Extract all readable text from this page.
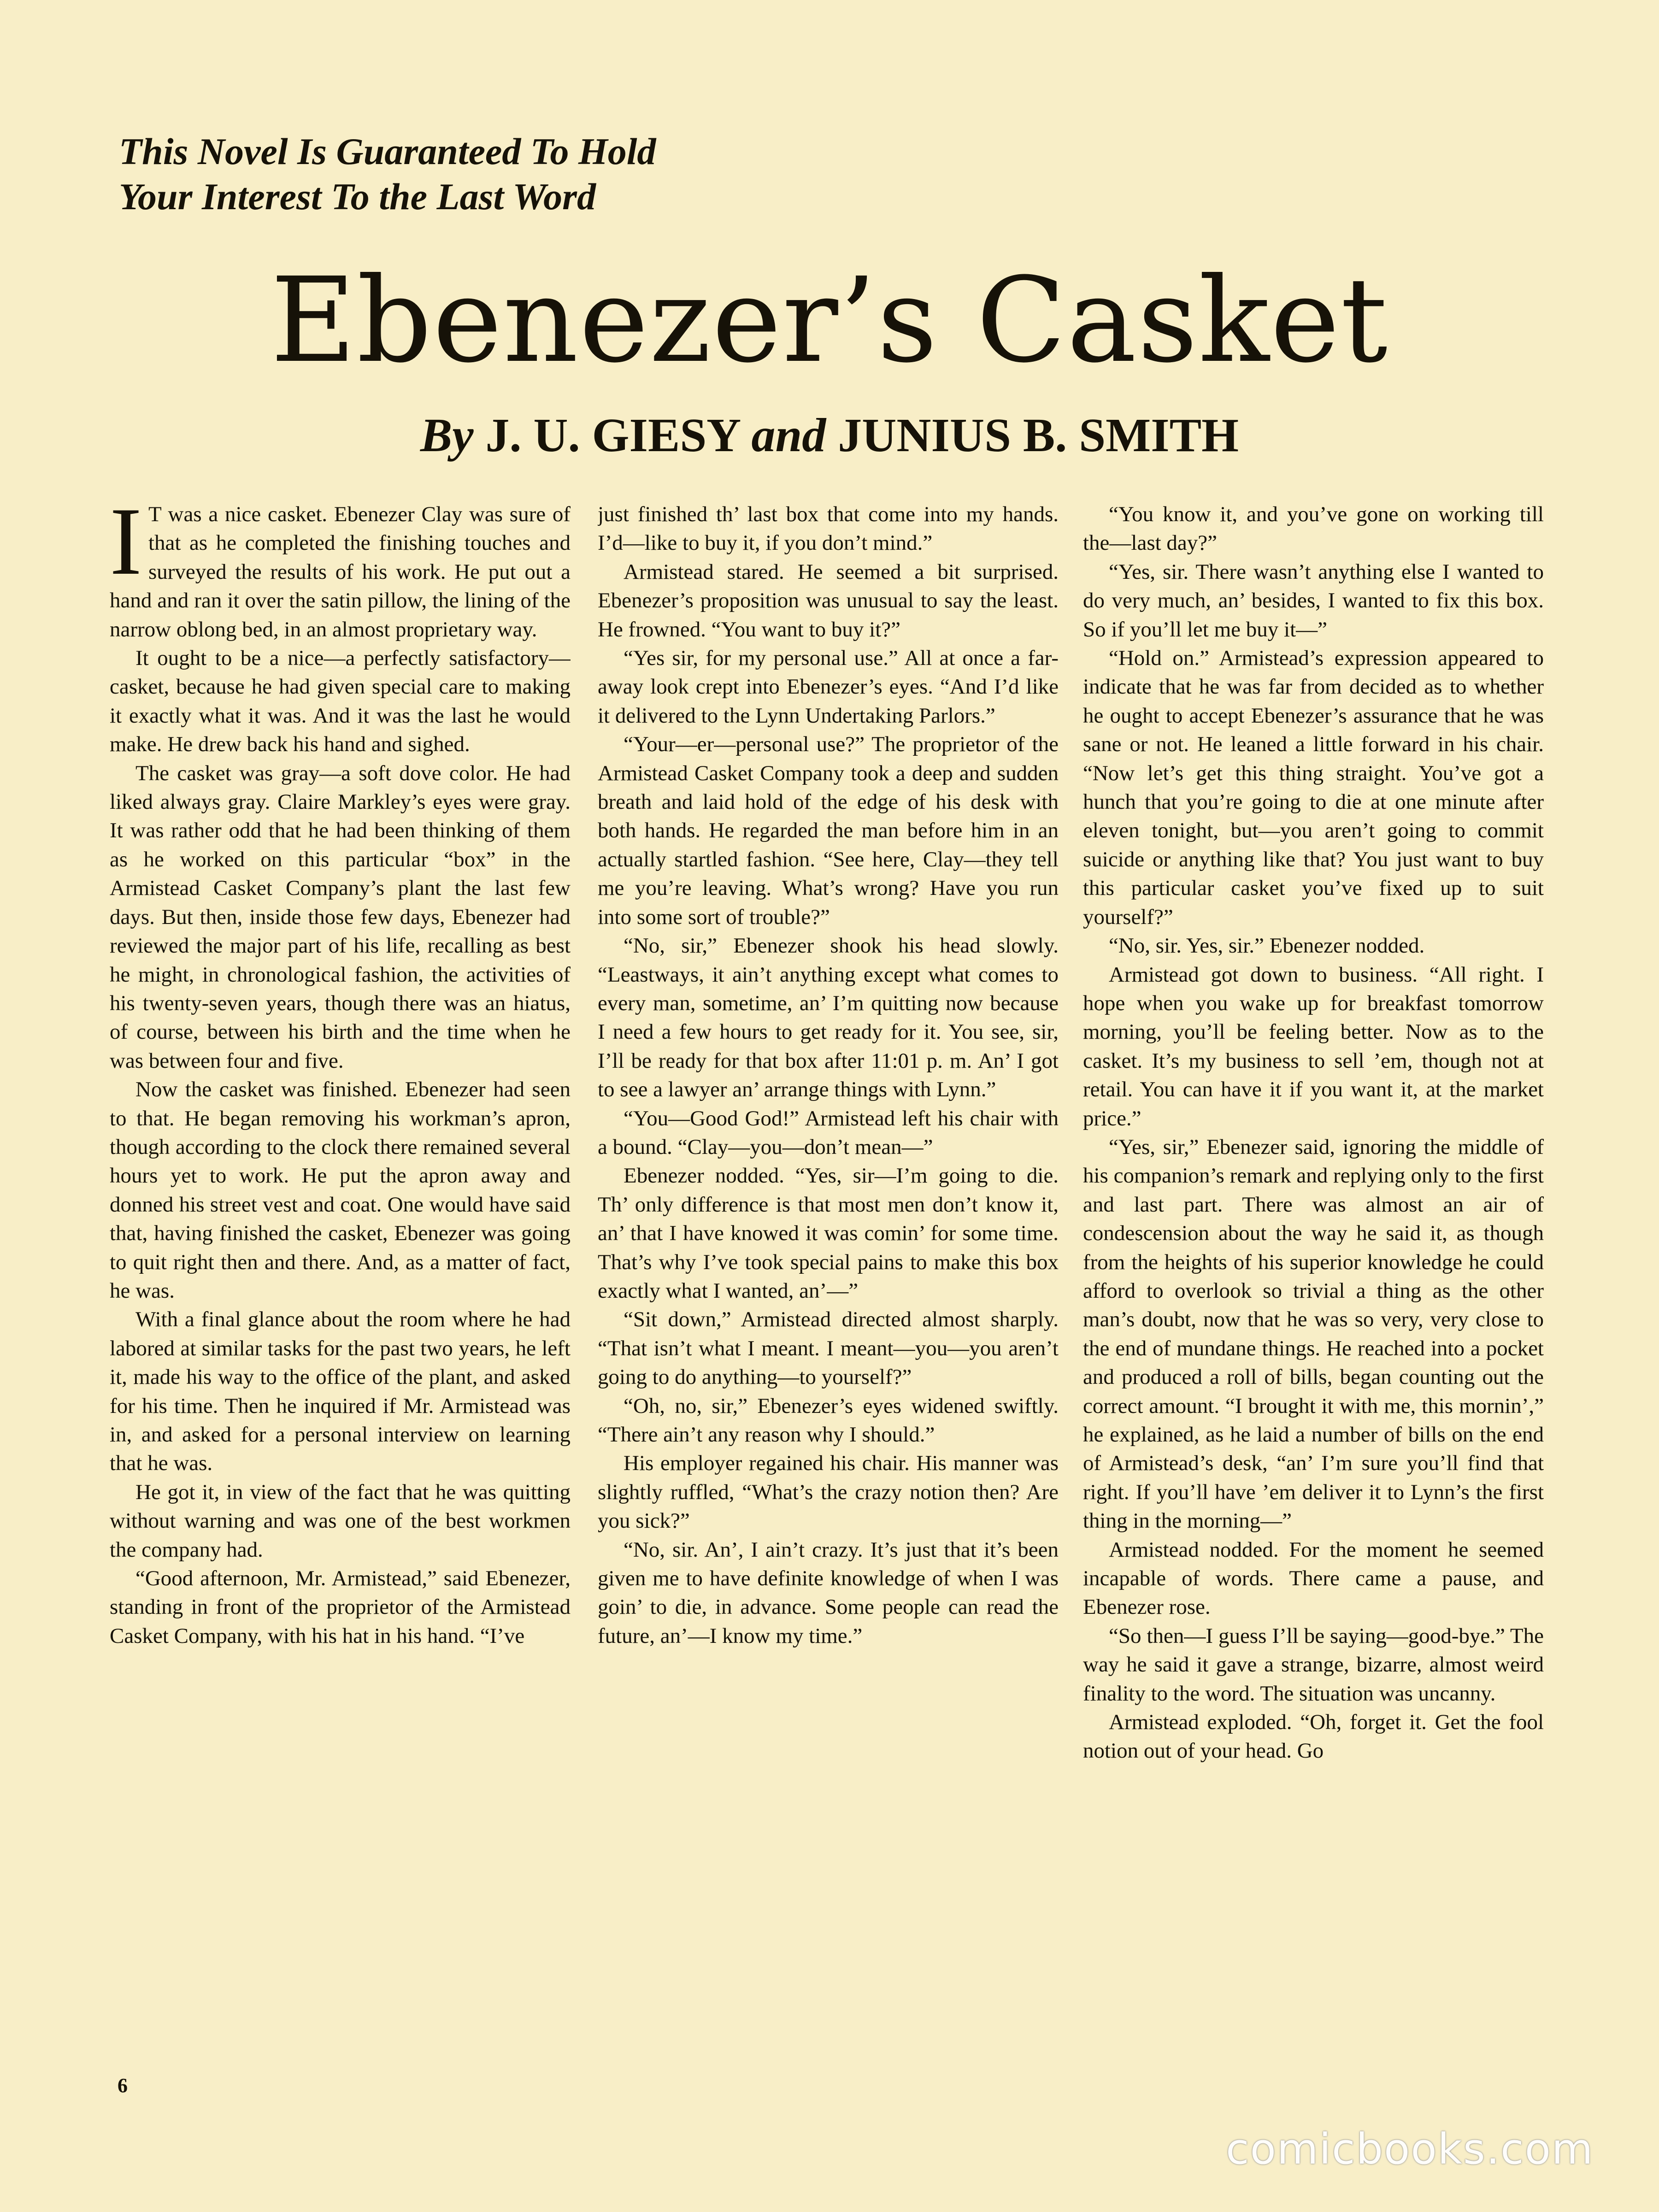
This Novel Is Guaranteed To Hold
Your Interest To the Last Word
Ebenezer’s Casket
By J. U. GIESY and JUNIUS B. SMITH

I T was a nice casket. Ebenezer Clay was sure of that as he completed the finishing touches and surveyed the results of his work. He put out a hand and ran it over the satin pillow, the lining of the narrow oblong bed, in an almost proprietary way.

It ought to be a nice—a perfectly satisfactory—casket, because he had given special care to making it exactly what it was. And it was the last he would make. He drew back his hand and sighed.

The casket was gray—a soft dove color. He had liked always gray. Claire Markley’s eyes were gray. It was rather odd that he had been thinking of them as he worked on this particular “box” in the Armistead Casket Company’s plant the last few days. But then, inside those few days, Ebenezer had reviewed the major part of his life, recalling as best he might, in chronological fashion, the activities of his twenty-seven years, though there was an hiatus, of course, between his birth and the time when he was between four and five.

Now the casket was finished. Ebenezer had seen to that. He began removing his workman’s apron, though according to the clock there remained several hours yet to work. He put the apron away and donned his street vest and coat. One would have said that, having finished the casket, Ebenezer was going to quit right then and there. And, as a matter of fact, he was.

With a final glance about the room where he had labored at similar tasks for the past two years, he left it, made his way to the office of the plant, and asked for his time. Then he inquired if Mr. Armistead was in, and asked for a personal interview on learning that he was.

He got it, in view of the fact that he was quitting without warning and was one of the best workmen the company had.

“Good afternoon, Mr. Armistead,” said Ebenezer, standing in front of the proprietor of the Armistead Casket Company, with his hat in his hand. “I’ve

just finished th’ last box that come into my hands. I’d—like to buy it, if you don’t mind.”

Armistead stared. He seemed a bit surprised. Ebenezer’s proposition was unusual to say the least. He frowned. “You want to buy it?”

“Yes sir, for my personal use.” All at once a far-away look crept into Ebenezer’s eyes. “And I’d like it delivered to the Lynn Undertaking Parlors.”

“Your—er—personal use?” The proprietor of the Armistead Casket Company took a deep and sudden breath and laid hold of the edge of his desk with both hands. He regarded the man before him in an actually startled fashion. “See here, Clay—they tell me you’re leaving. What’s wrong? Have you run into some sort of trouble?”

“No, sir,” Ebenezer shook his head slowly. “Leastways, it ain’t anything except what comes to every man, sometime, an’ I’m quitting now because I need a few hours to get ready for it. You see, sir, I’ll be ready for that box after 11:01 p. m. An’ I got to see a lawyer an’ arrange things with Lynn.”

“You—Good God!” Armistead left his chair with a bound. “Clay—you—don’t mean—”

Ebenezer nodded. “Yes, sir—I’m going to die. Th’ only difference is that most men don’t know it, an’ that I have knowed it was comin’ for some time. That’s why I’ve took special pains to make this box exactly what I wanted, an’—”

“Sit down,” Armistead directed almost sharply. “That isn’t what I meant. I meant—you—you aren’t going to do anything—to yourself?”

“Oh, no, sir,” Ebenezer’s eyes widened swiftly. “There ain’t any reason why I should.”

His employer regained his chair. His manner was slightly ruffled, “What’s the crazy notion then? Are you sick?”

“No, sir. An’, I ain’t crazy. It’s just that it’s been given me to have definite knowledge of when I was goin’ to die, in advance. Some people can read the future, an’—I know my time.”

“You know it, and you’ve gone on working till the—last day?”

“Yes, sir. There wasn’t anything else I wanted to do very much, an’ besides, I wanted to fix this box. So if you’ll let me buy it—”

“Hold on.” Armistead’s expression appeared to indicate that he was far from decided as to whether he ought to accept Ebenezer’s assurance that he was sane or not. He leaned a little forward in his chair. “Now let’s get this thing straight. You’ve got a hunch that you’re going to die at one minute after eleven tonight, but—you aren’t going to commit suicide or anything like that? You just want to buy this particular casket you’ve fixed up to suit yourself?”

“No, sir. Yes, sir.” Ebenezer nodded.

Armistead got down to business. “All right. I hope when you wake up for breakfast tomorrow morning, you’ll be feeling better. Now as to the casket. It’s my business to sell ’em, though not at retail. You can have it if you want it, at the market price.”

“Yes, sir,” Ebenezer said, ignoring the middle of his companion’s remark and replying only to the first and last part. There was almost an air of condescension about the way he said it, as though from the heights of his superior knowledge he could afford to overlook so trivial a thing as the other man’s doubt, now that he was so very, very close to the end of mundane things. He reached into a pocket and produced a roll of bills, began counting out the correct amount. “I brought it with me, this mornin’,” he explained, as he laid a number of bills on the end of Armistead’s desk, “an’ I’m sure you’ll find that right. If you’ll have ’em deliver it to Lynn’s the first thing in the morning—”

Armistead nodded. For the moment he seemed incapable of words. There came a pause, and Ebenezer rose.

“So then—I guess I’ll be saying—good-bye.” The way he said it gave a strange, bizarre, almost weird finality to the word. The situation was uncanny.

Armistead exploded. “Oh, forget it. Get the fool notion out of your head. Go

6
comicbooks.com
